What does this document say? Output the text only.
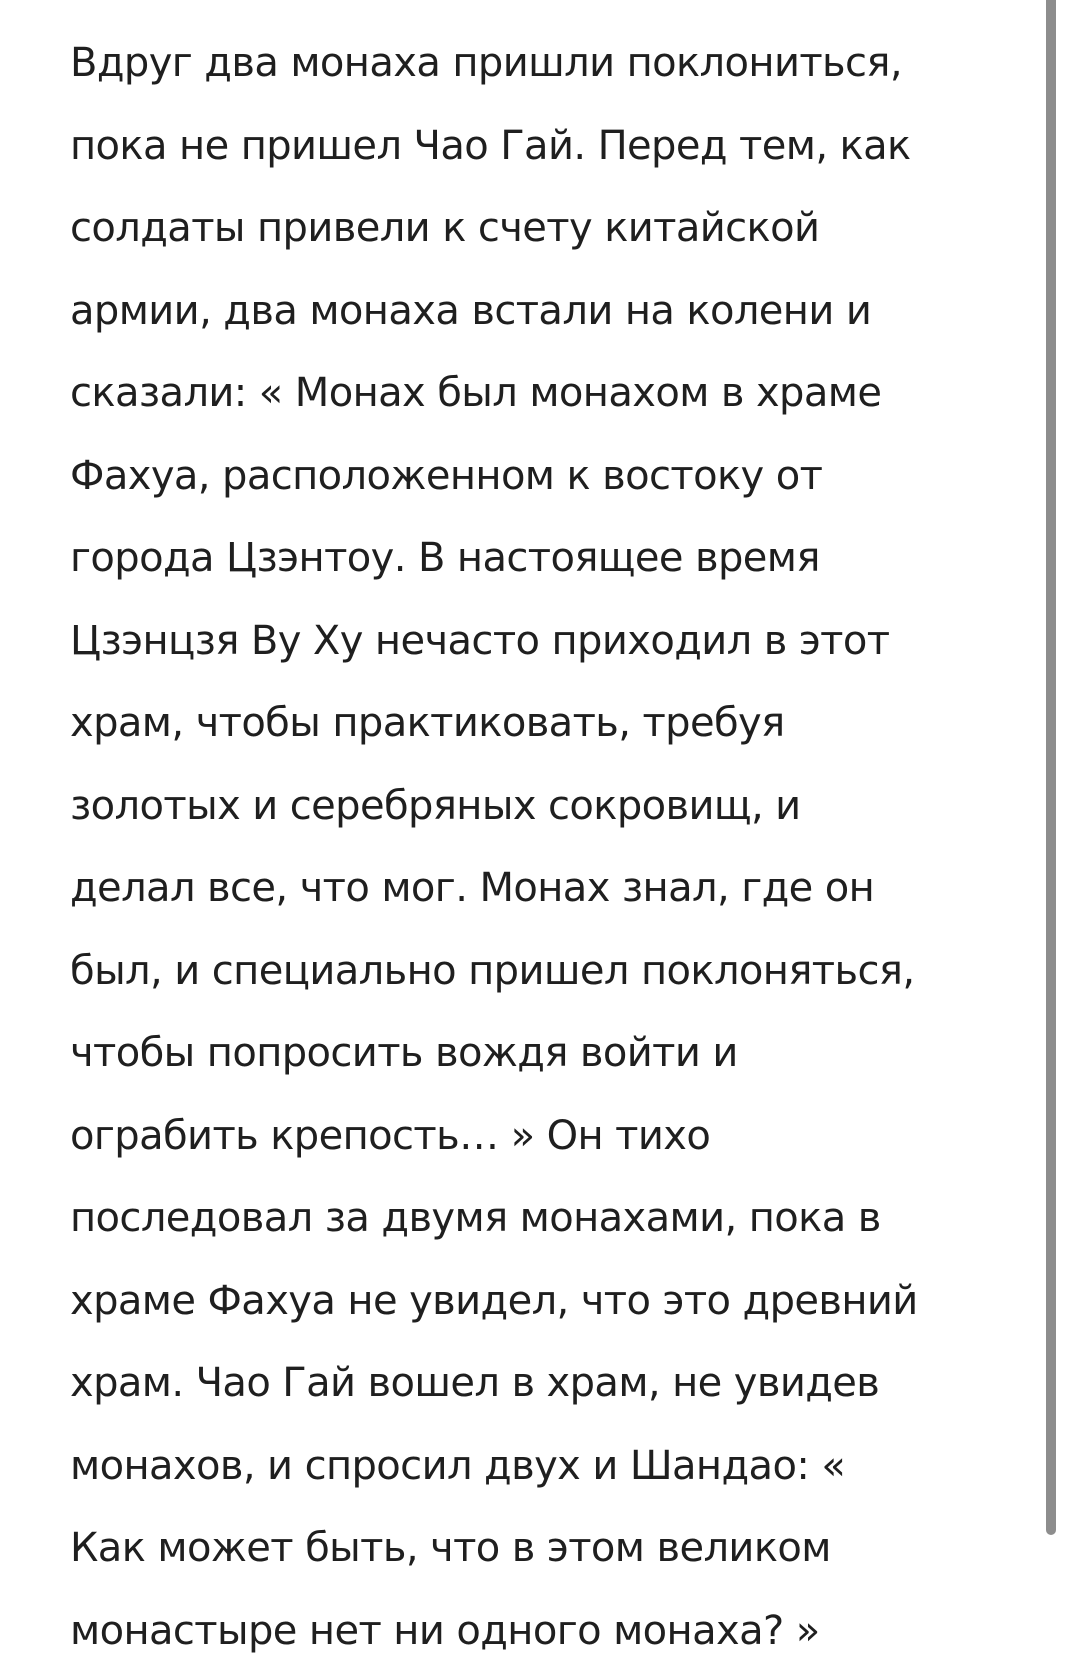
Вдруг два монаха пришли поклониться,
пока не пришел Чао Гай. Перед тем, как
солдаты привели к счету китайской
армии, два монаха встали на колени и
сказали: « Монах был монахом в храме
Фахуа, расположенном к востоку от
города Цзэнтоу. В настоящее время
Цзэнцзя Ву Ху нечасто приходил в этот
храм, чтобы практиковать, требуя
золотых и серебряных сокровищ, и
делал все, что мог. Монах знал, где он
был, и специально пришел поклоняться,
чтобы попросить вождя войти и
ограбить крепость… » Он тихо
последовал за двумя монахами, пока в
храме Фахуа не увидел, что это древний
храм. Чао Гай вошел в храм, не увидев
монахов, и спросил двух и Шандао: «
Как может быть, что в этом великом
монастыре нет ни одного монаха? »
